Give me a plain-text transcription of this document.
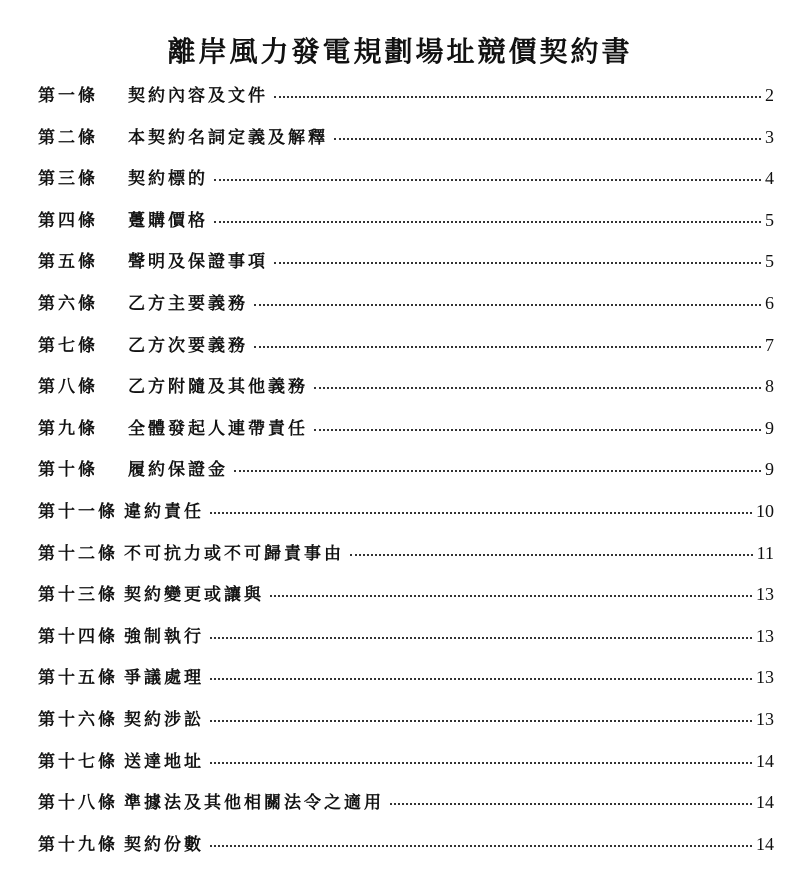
離岸風力發電規劃場址競價契約書
第一條	契約內容及文件	2
第二條	本契約名詞定義及解釋	3
第三條	契約標的	4
第四條	躉購價格	5
第五條	聲明及保證事項	5
第六條	乙方主要義務	6
第七條	乙方次要義務	7
第八條	乙方附隨及其他義務	8
第九條	全體發起人連帶責任	9
第十條	履約保證金	9
第十一條 違約責任	10
第十二條 不可抗力或不可歸責事由	11
第十三條 契約變更或讓與	13
第十四條 強制執行	13
第十五條 爭議處理	13
第十六條 契約涉訟	13
第十七條 送達地址	14
第十八條 準據法及其他相關法令之適用	14
第十九條 契約份數	14
